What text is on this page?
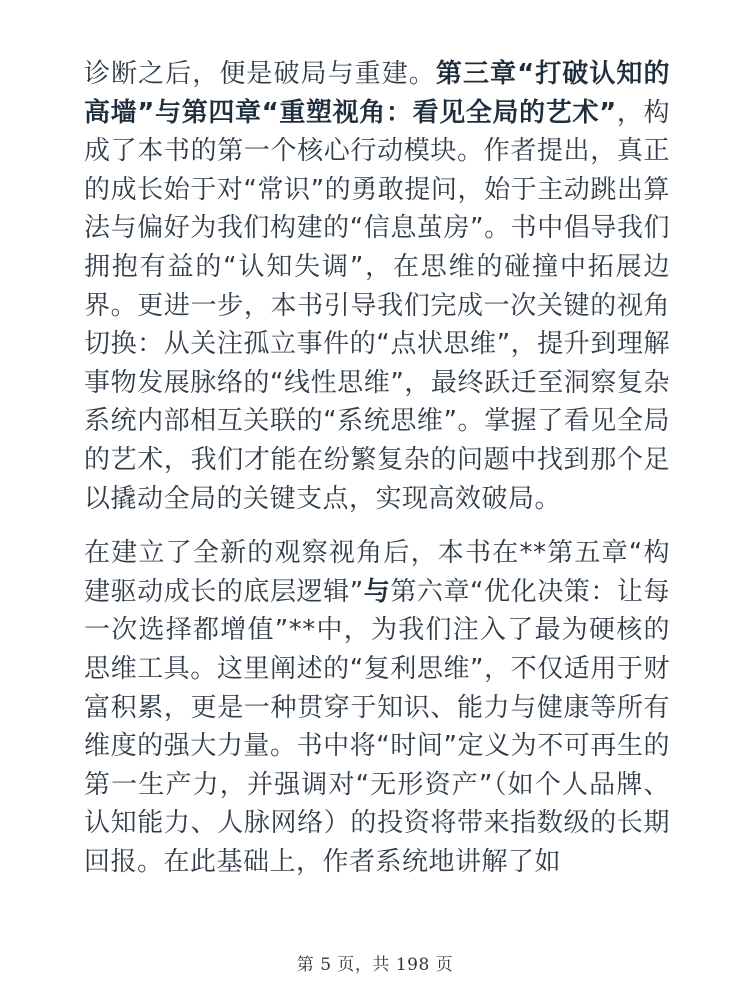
诊断之后，便是破局与重建。第三章“打破认知的高墙”与第四章“重塑视角：看见全局的艺术”，构成了本书的第一个核心行动模块。作者提出，真正的成长始于对“常识”的勇敢提问，始于主动跳出算法与偏好为我们构建的“信息茧房”。书中倡导我们拥抱有益的“认知失调”，在思维的碰撞中拓展边界。更进一步，本书引导我们完成一次关键的视角切换：从关注孤立事件的“点状思维”，提升到理解事物发展脉络的“线性思维”，最终跃迁至洞察复杂系统内部相互关联的“系统思维”。掌握了看见全局的艺术，我们才能在纷繁复杂的问题中找到那个足以撬动全局的关键支点，实现高效破局。

在建立了全新的观察视角后，本书在**第五章“构建驱动成长的底层逻辑”与第六章“优化决策：让每一次选择都增值”**中，为我们注入了最为硬核的思维工具。这里阐述的“复利思维”，不仅适用于财富积累，更是一种贯穿于知识、能力与健康等所有维度的强大力量。书中将“时间”定义为不可再生的第一生产力，并强调对“无形资产”（如个人品牌、认知能力、人脉网络）的投资将带来指数级的长期回报。在此基础上，作者系统地讲解了如

第 5 页，共 198 页
